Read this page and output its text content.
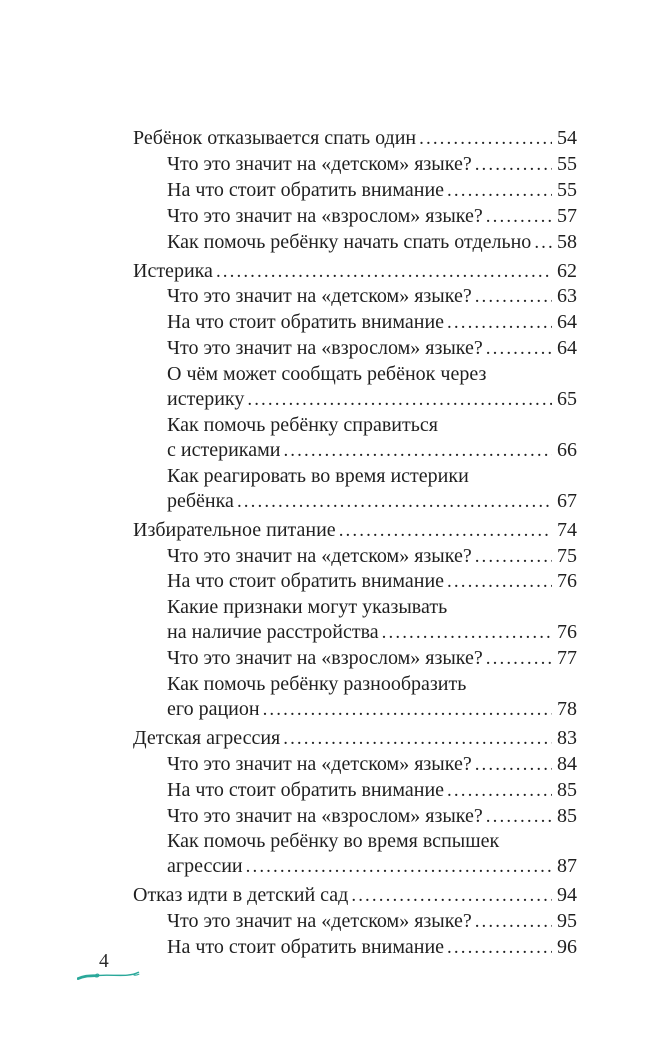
Ребёнок отказывается спать один .....	54
Что это значит на «детском» языке? .....	55
На что стоит обратить внимание .....	55
Что это значит на «взрослом» языке? .....	57
Как помочь ребёнку начать спать отдельно ..... 58
Истерика .....	62
Что это значит на «детском» языке? .....	63
На что стоит обратить внимание .....	64
Что это значит на «взрослом» языке? .....	64
О чём может сообщать ребёнок через
истерику .....	65
Как помочь ребёнку справиться
с истериками .....	66
Как реагировать во время истерики
ребёнка .....	67
Избирательное питание .....	74
Что это значит на «детском» языке? .....	75
На что стоит обратить внимание .....	76
Какие признаки могут указывать
на наличие расстройства .....	76
Что это значит на «взрослом» языке? .....	77
Как помочь ребёнку разнообразить
его рацион .....	78
Детская агрессия .....	83
Что это значит на «детском» языке? .....	84
На что стоит обратить внимание .....	85
Что это значит на «взрослом» языке? .....	85
Как помочь ребёнку во время вспышек
агрессии .....	87
Отказ идти в детский сад .....	94
Что это значит на «детском» языке? .....	95
На что стоит обратить внимание .....	96
4
